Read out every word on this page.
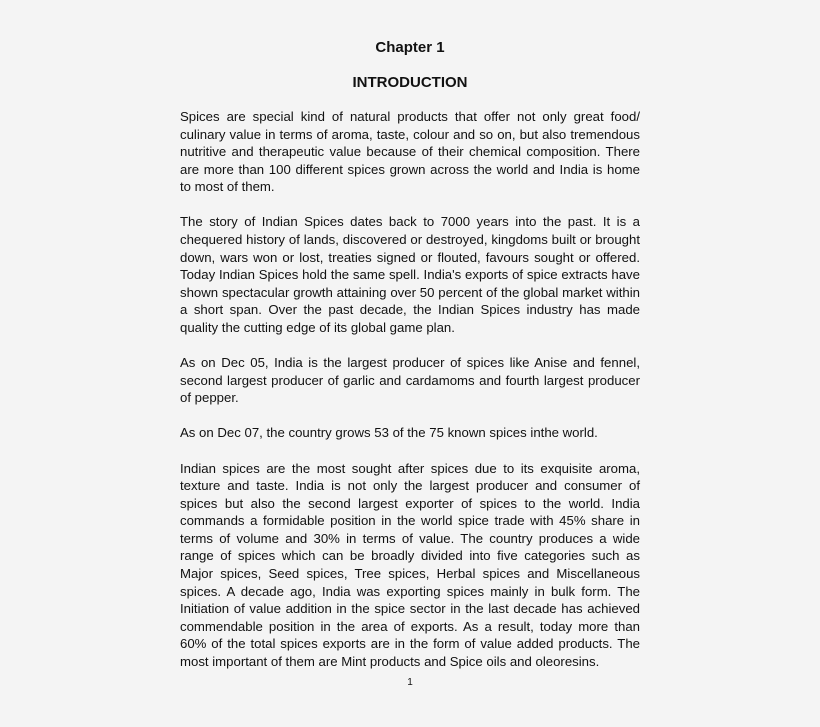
Chapter 1
INTRODUCTION

Spices are special kind of natural products that offer not only great food/ culinary value in terms of aroma, taste, colour and so on, but also tremendous nutritive and therapeutic value because of their chemical composition. There are more than 100 different spices grown across the world and India is home to most of them.

The story of Indian Spices dates back to 7000 years into the past. It is a chequered history of lands, discovered or destroyed, kingdoms built or brought down, wars won or lost, treaties signed or flouted, favours sought or offered. Today Indian Spices hold the same spell. India's exports of spice extracts have shown spectacular growth attaining over 50 percent of the global market within a short span. Over the past decade, the Indian Spices industry has made quality the cutting edge of its global game plan.

As on Dec 05, India is the largest producer of spices like Anise and fennel, second largest producer of garlic and cardamoms and fourth largest producer of pepper.

As on Dec 07, the country grows 53 of the 75 known spices inthe world.

Indian spices are the most sought after spices due to its exquisite aroma, texture and taste. India is not only the largest producer and consumer of spices but also the second largest exporter of spices to the world. India commands a formidable position in the world spice trade with 45% share in terms of volume and 30% in terms of value. The country produces a wide range of spices which can be broadly divided into five categories such as Major spices, Seed spices, Tree spices, Herbal spices and Miscellaneous spices. A decade ago, India was exporting spices mainly in bulk form. The Initiation of value addition in the spice sector in the last decade has achieved commendable position in the area of exports. As a result, today more than 60% of the total spices exports are in the form of value added products. The most important of them are Mint products and Spice oils and oleoresins.

1
